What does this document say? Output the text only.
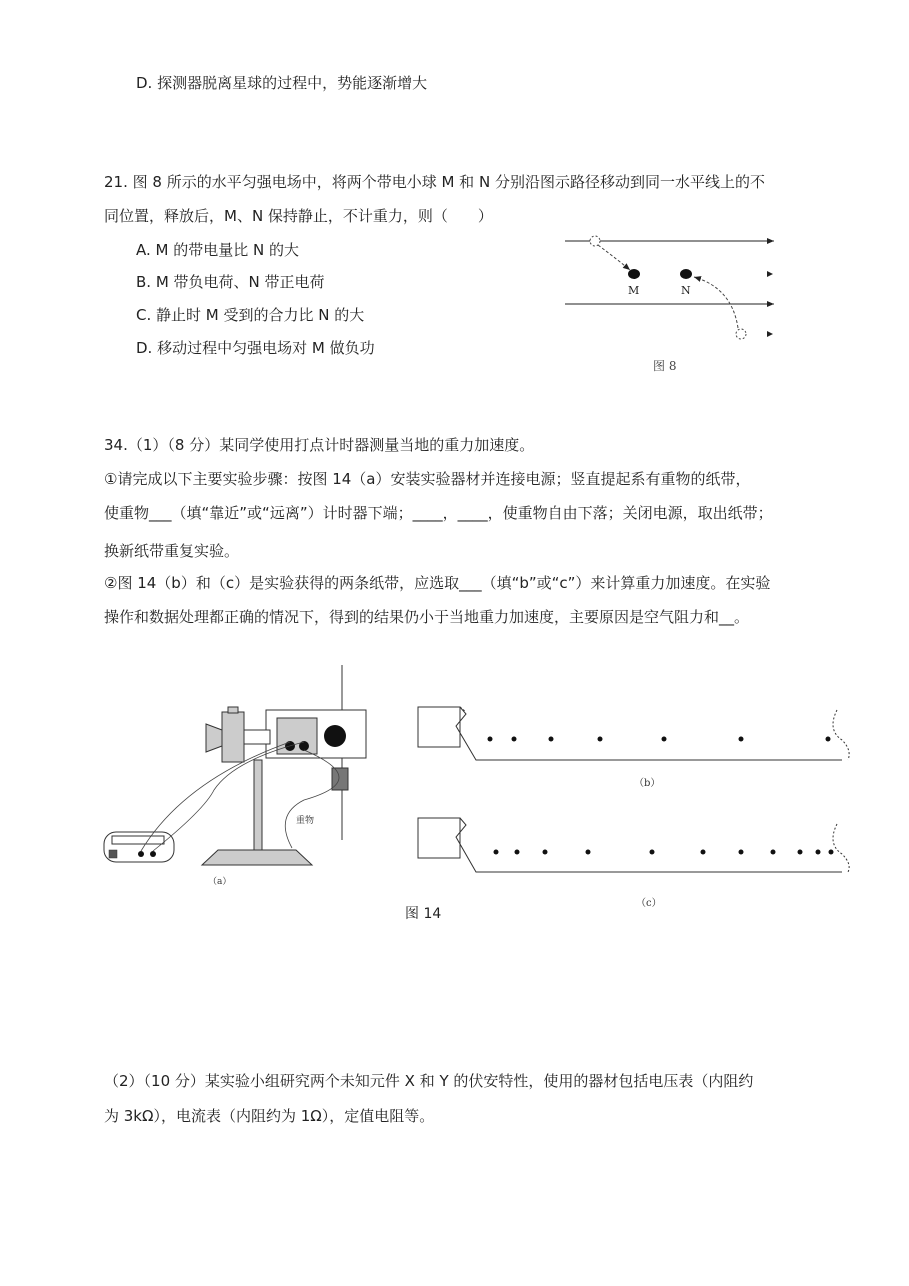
D. 探测器脱离星球的过程中，势能逐渐增大
21. 图 8 所示的水平匀强电场中，将两个带电小球 M 和 N 分别沿图示路径移动到同一水平线上的不
同位置，释放后，M、N 保持静止，不计重力，则（　　）
A. M 的带电量比 N 的大
B. M 带负电荷、N 带正电荷
C. 静止时 M 受到的合力比 N 的大
D. 移动过程中匀强电场对 M 做负功
M	N
图 8
34.（1）（8 分）某同学使用打点计时器测量当地的重力加速度。
①请完成以下主要实验步骤：按图 14（a）安装实验器材并连接电源；竖直提起系有重物的纸带，
使重物___（填“靠近”或“远离”）计时器下端；____，____，使重物自由下落；关闭电源，取出纸带；
换新纸带重复实验。
②图 14（b）和（c）是实验获得的两条纸带，应选取___（填“b”或“c”）来计算重力加速度。在实验
操作和数据处理都正确的情况下，得到的结果仍小于当地重力加速度，主要原因是空气阻力和__。
重物
（a）
（b）
（c）
图 14
（2）（10 分）某实验小组研究两个未知元件 X 和 Y 的伏安特性，使用的器材包括电压表（内阻约
为 3kΩ），电流表（内阻约为 1Ω），定值电阻等。
